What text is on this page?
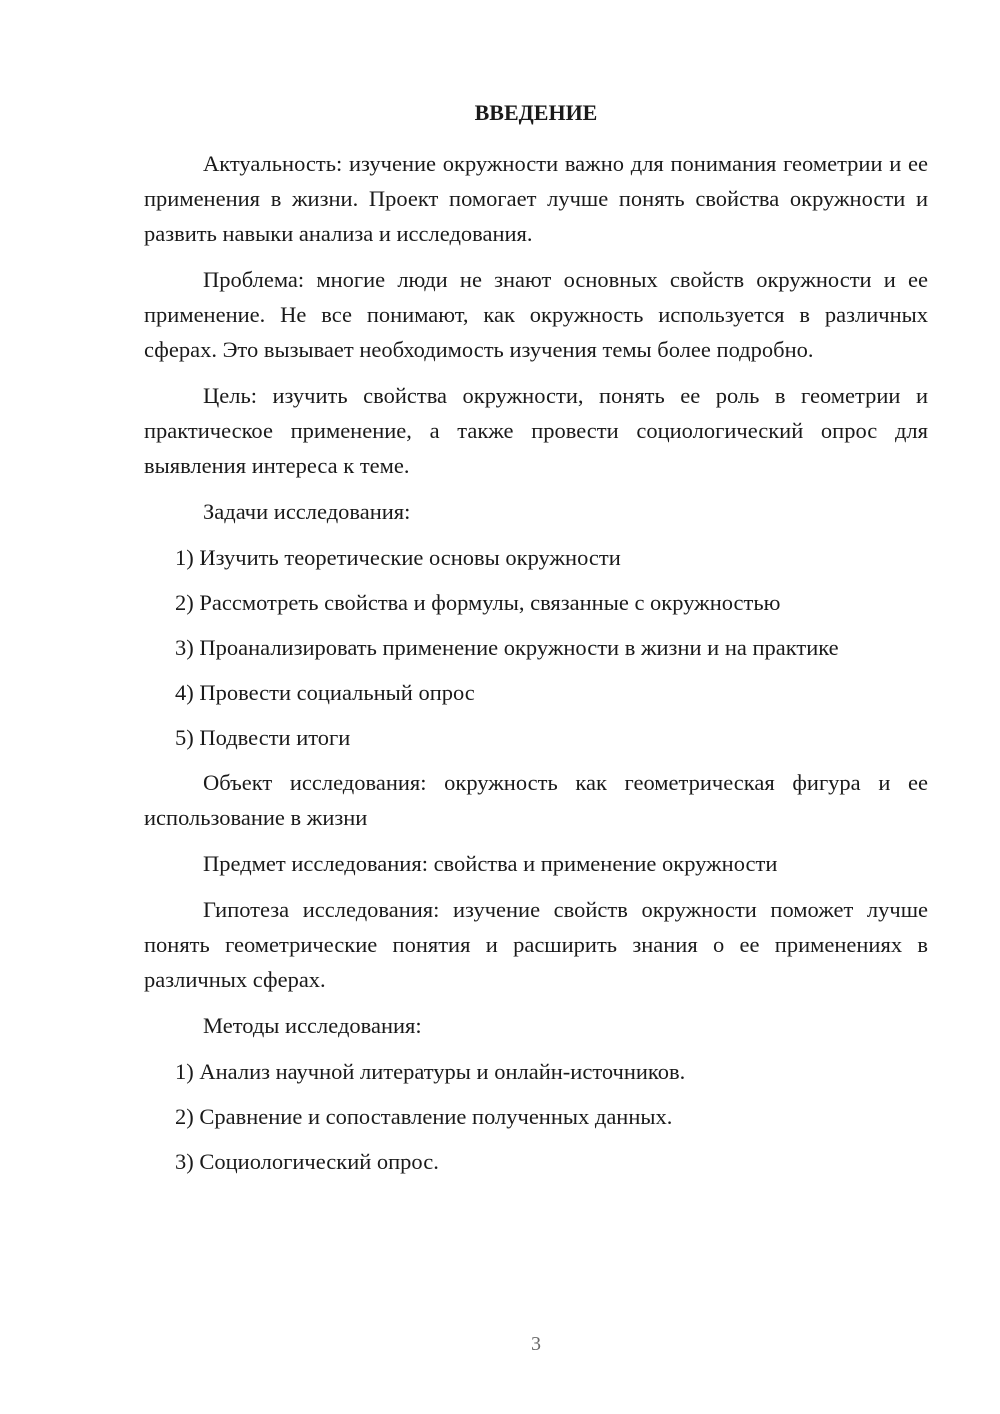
ВВЕДЕНИЕ

Актуальность: изучение окружности важно для понимания геометрии и ее применения в жизни. Проект помогает лучше понять свойства окружности и развить навыки анализа и исследования.

Проблема: многие люди не знают основных свойств окружности и ее применение. Не все понимают, как окружность используется в различных сферах. Это вызывает необходимость изучения темы более подробно.

Цель: изучить свойства окружности, понять ее роль в геометрии и практическое применение, а также провести социологический опрос для выявления интереса к теме.

Задачи исследования:

1) Изучить теоретические основы окружности
2) Рассмотреть свойства и формулы, связанные с окружностью
3) Проанализировать применение окружности в жизни и на практике
4) Провести социальный опрос
5) Подвести итоги

Объект исследования: окружность как геометрическая фигура и ее использование в жизни

Предмет исследования: свойства и применение окружности

Гипотеза исследования: изучение свойств окружности поможет лучше понять геометрические понятия и расширить знания о ее применениях в различных сферах.

Методы исследования:

1) Анализ научной литературы и онлайн-источников.
2) Сравнение и сопоставление полученных данных.
3) Социологический опрос.
3
